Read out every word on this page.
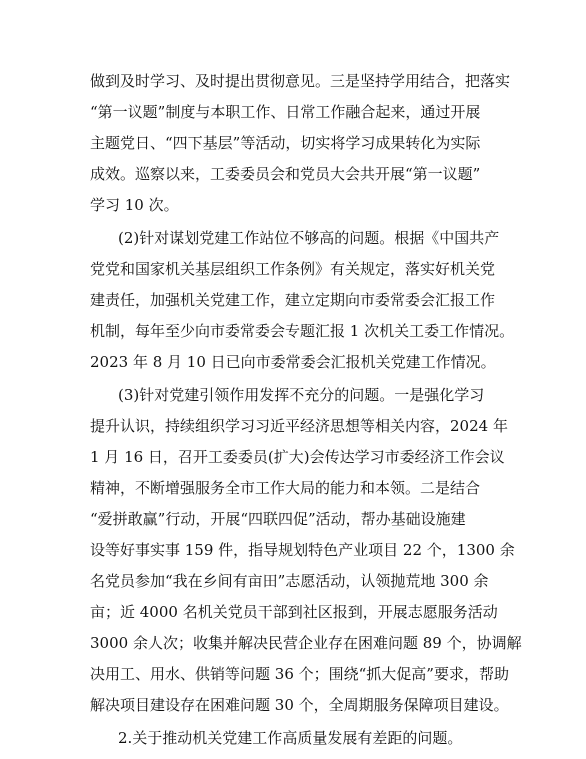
做到及时学习、及时提出贯彻意见。三是坚持学用结合，把落实
“第一议题”制度与本职工作、日常工作融合起来，通过开展
主题党日、“四下基层”等活动，切实将学习成果转化为实际
成效。巡察以来，工委委员会和党员大会共开展“第一议题”
学习 10 次。
(2)针对谋划党建工作站位不够高的问题。根据《中国共产
党党和国家机关基层组织工作条例》有关规定，落实好机关党
建责任，加强机关党建工作，建立定期向市委常委会汇报工作
机制，每年至少向市委常委会专题汇报 1 次机关工委工作情况。
2023 年 8 月 10 日已向市委常委会汇报机关党建工作情况。
(3)针对党建引领作用发挥不充分的问题。一是强化学习
提升认识，持续组织学习习近平经济思想等相关内容，2024 年
1 月 16 日，召开工委委员(扩大)会传达学习市委经济工作会议
精神，不断增强服务全市工作大局的能力和本领。二是结合
“爱拼敢赢”行动，开展“四联四促”活动，帮办基础设施建
设等好事实事 159 件，指导规划特色产业项目 22 个，1300 余
名党员参加“我在乡间有亩田”志愿活动，认领抛荒地 300 余
亩；近 4000 名机关党员干部到社区报到，开展志愿服务活动
3000 余人次；收集并解决民营企业存在困难问题 89 个，协调解
决用工、用水、供销等问题 36 个；围绕“抓大促高”要求，帮助
解决项目建设存在困难问题 30 个，全周期服务保障项目建设。
2.关于推动机关党建工作高质量发展有差距的问题。
